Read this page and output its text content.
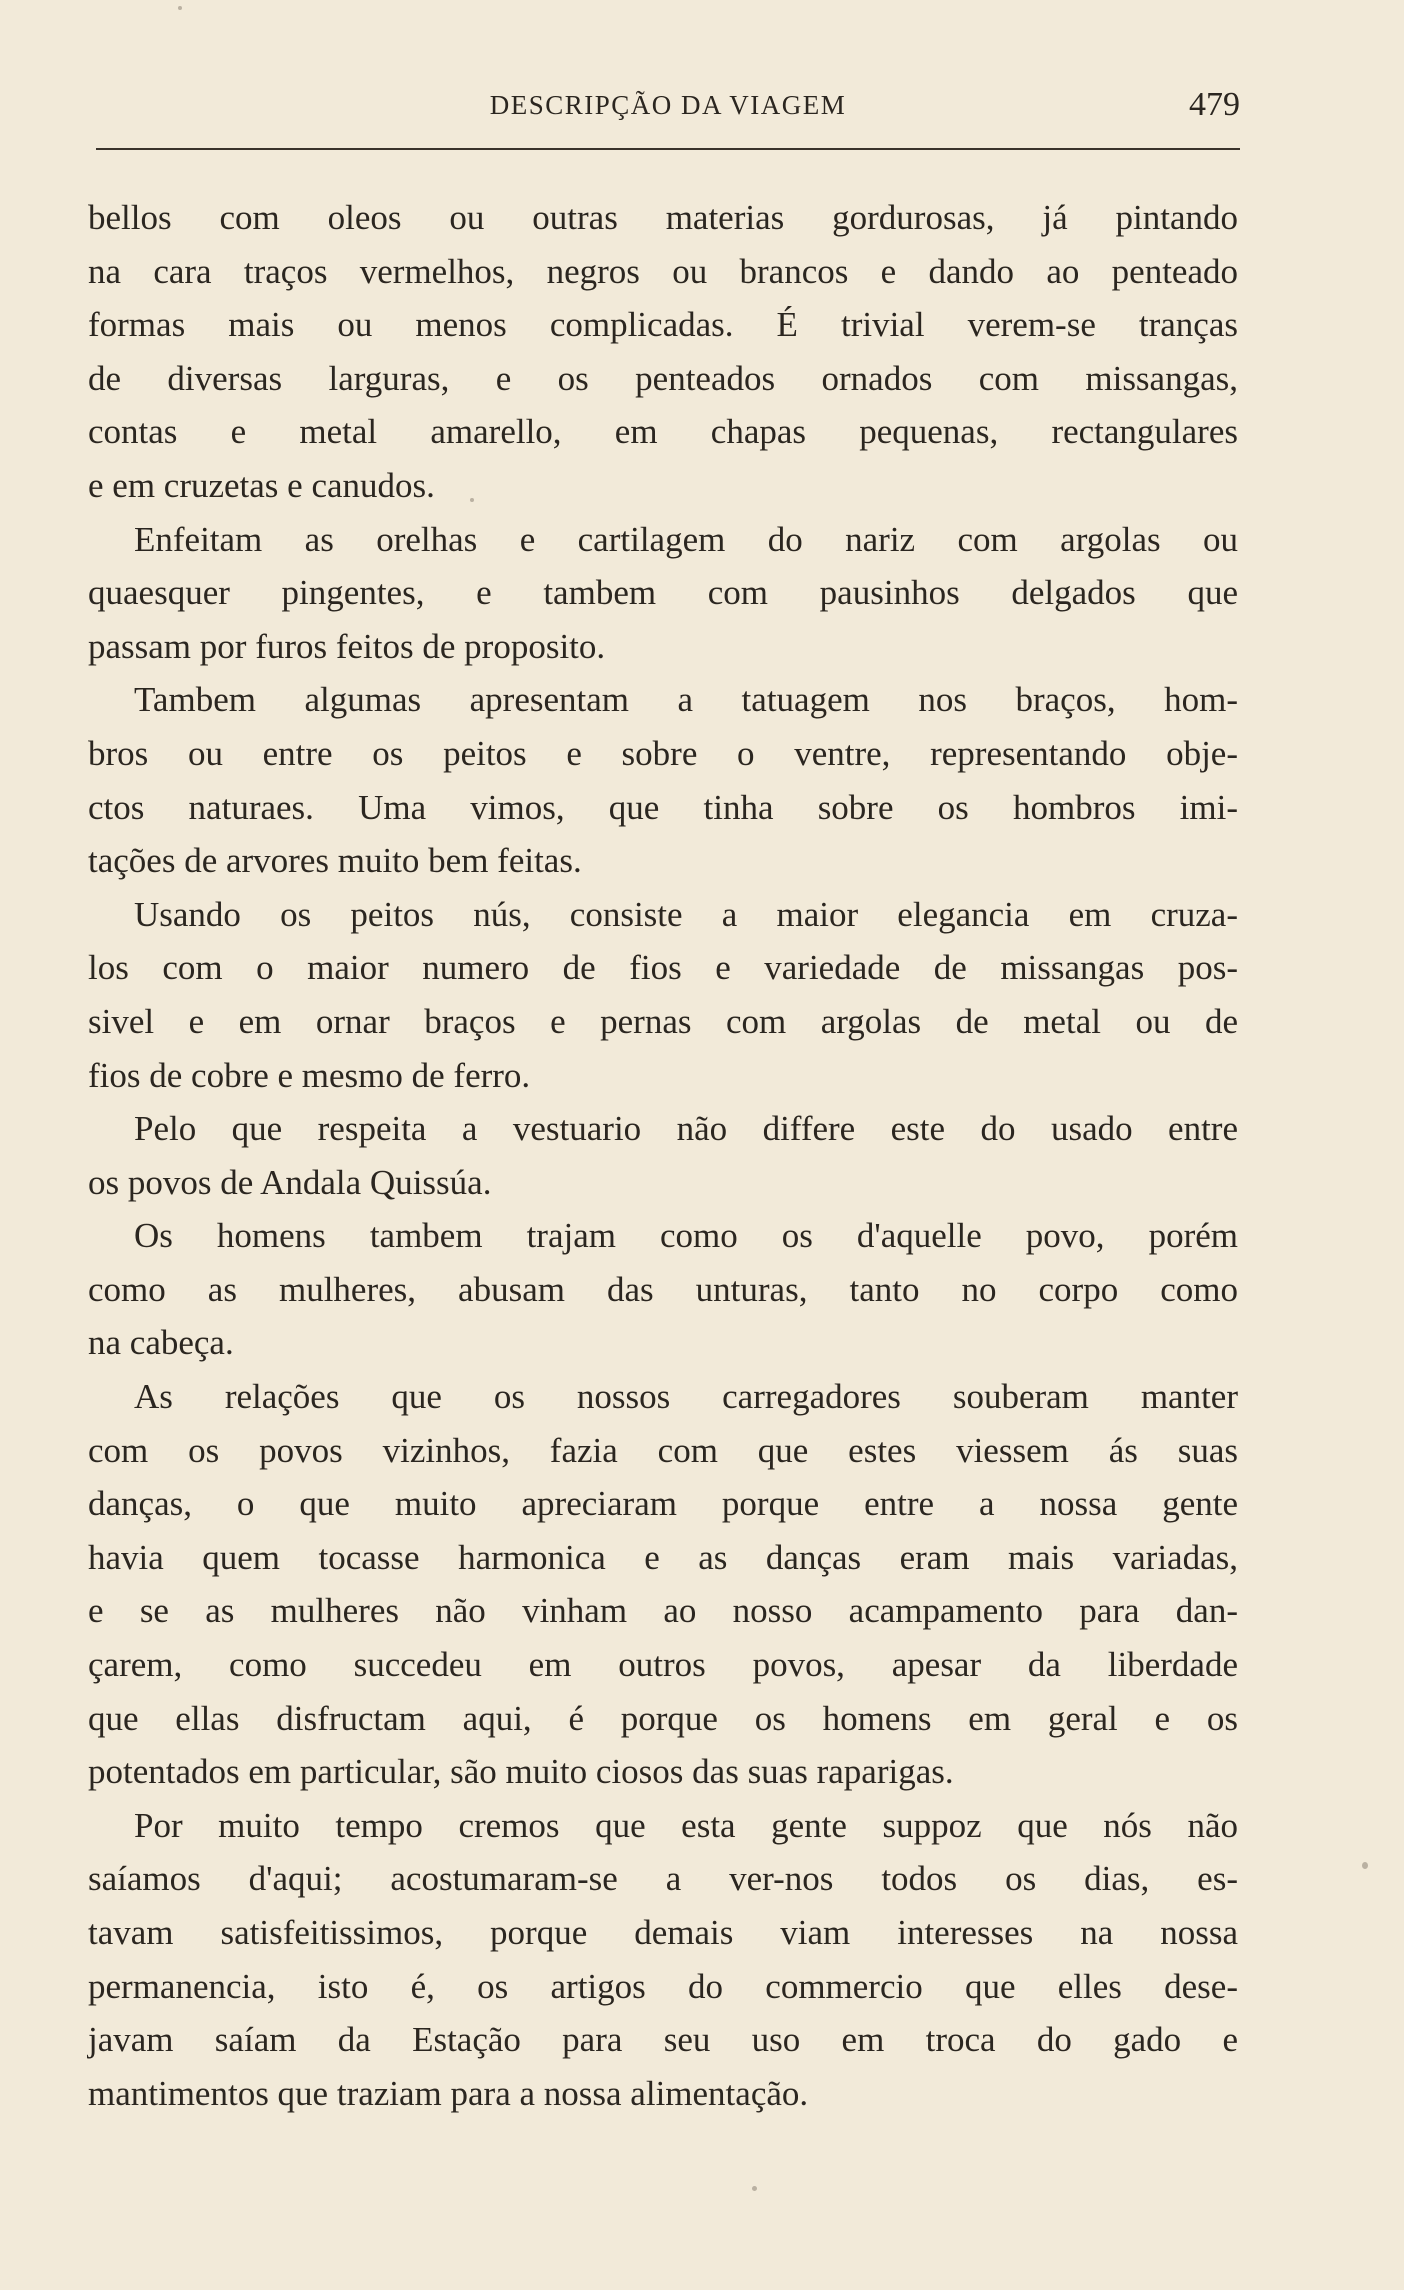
DESCRIPÇÃO DA VIAGEM	479
bellos com oleos ou outras materias gordurosas, já pintando
na cara traços vermelhos, negros ou brancos e dando ao penteado
formas mais ou menos complicadas. É trivial verem-se tranças
de diversas larguras, e os penteados ornados com missangas,
contas e metal amarello, em chapas pequenas, rectangulares
e em cruzetas e canudos.
Enfeitam as orelhas e cartilagem do nariz com argolas ou
quaesquer pingentes, e tambem com pausinhos delgados que
passam por furos feitos de proposito.
Tambem algumas apresentam a tatuagem nos braços, hom-
bros ou entre os peitos e sobre o ventre, representando obje-
ctos naturaes. Uma vimos, que tinha sobre os hombros imi-
tações de arvores muito bem feitas.
Usando os peitos nús, consiste a maior elegancia em cruza-
los com o maior numero de fios e variedade de missangas pos-
sivel e em ornar braços e pernas com argolas de metal ou de
fios de cobre e mesmo de ferro.
Pelo que respeita a vestuario não differe este do usado entre
os povos de Andala Quissúa.
Os homens tambem trajam como os d'aquelle povo, porém
como as mulheres, abusam das unturas, tanto no corpo como
na cabeça.
As relações que os nossos carregadores souberam manter
com os povos vizinhos, fazia com que estes viessem ás suas
danças, o que muito apreciaram porque entre a nossa gente
havia quem tocasse harmonica e as danças eram mais variadas,
e se as mulheres não vinham ao nosso acampamento para dan-
çarem, como succedeu em outros povos, apesar da liberdade
que ellas disfructam aqui, é porque os homens em geral e os
potentados em particular, são muito ciosos das suas raparigas.
Por muito tempo cremos que esta gente suppoz que nós não
saíamos d'aqui; acostumaram-se a ver-nos todos os dias, es-
tavam satisfeitissimos, porque demais viam interesses na nossa
permanencia, isto é, os artigos do commercio que elles dese-
javam saíam da Estação para seu uso em troca do gado e
mantimentos que traziam para a nossa alimentação.
